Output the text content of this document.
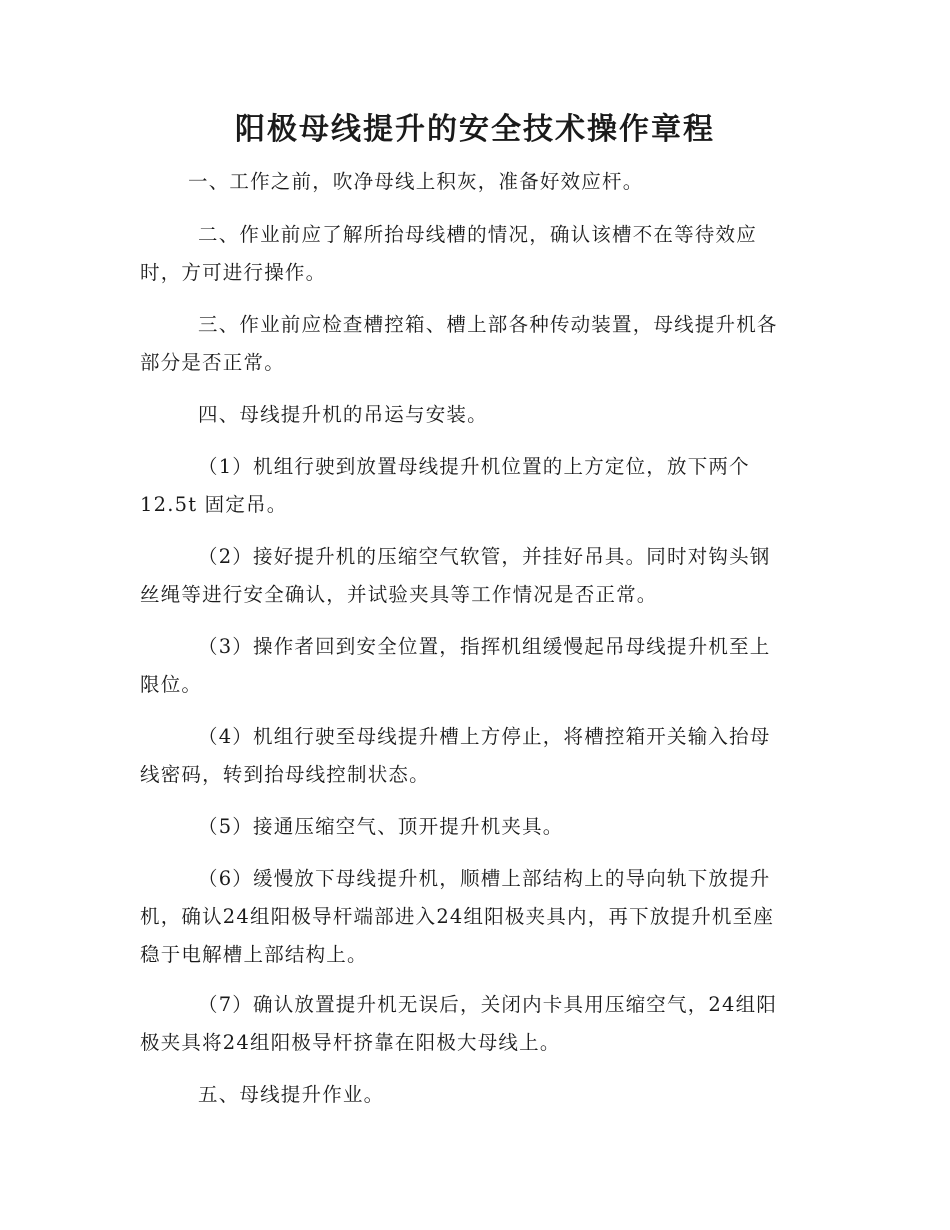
阳极母线提升的安全技术操作章程
一、工作之前，吹净母线上积灰，准备好效应杆。
二、作业前应了解所抬母线槽的情况，确认该槽不在等待效应
时，方可进行操作。
三、作业前应检查槽控箱、槽上部各种传动装置，母线提升机各
部分是否正常。
四、母线提升机的吊运与安装。
（1）机组行驶到放置母线提升机位置的上方定位，放下两个
12.5t 固定吊。
（2）接好提升机的压缩空气软管，并挂好吊具。同时对钩头钢
丝绳等进行安全确认，并试验夹具等工作情况是否正常。
（3）操作者回到安全位置，指挥机组缓慢起吊母线提升机至上
限位。
（4）机组行驶至母线提升槽上方停止，将槽控箱开关输入抬母
线密码，转到抬母线控制状态。
（5）接通压缩空气、顶开提升机夹具。
（6）缓慢放下母线提升机，顺槽上部结构上的导向轨下放提升
机，确认24组阳极导杆端部进入24组阳极夹具内，再下放提升机至座
稳于电解槽上部结构上。
（7）确认放置提升机无误后，关闭内卡具用压缩空气，24组阳
极夹具将24组阳极导杆挤靠在阳极大母线上。
五、母线提升作业。
